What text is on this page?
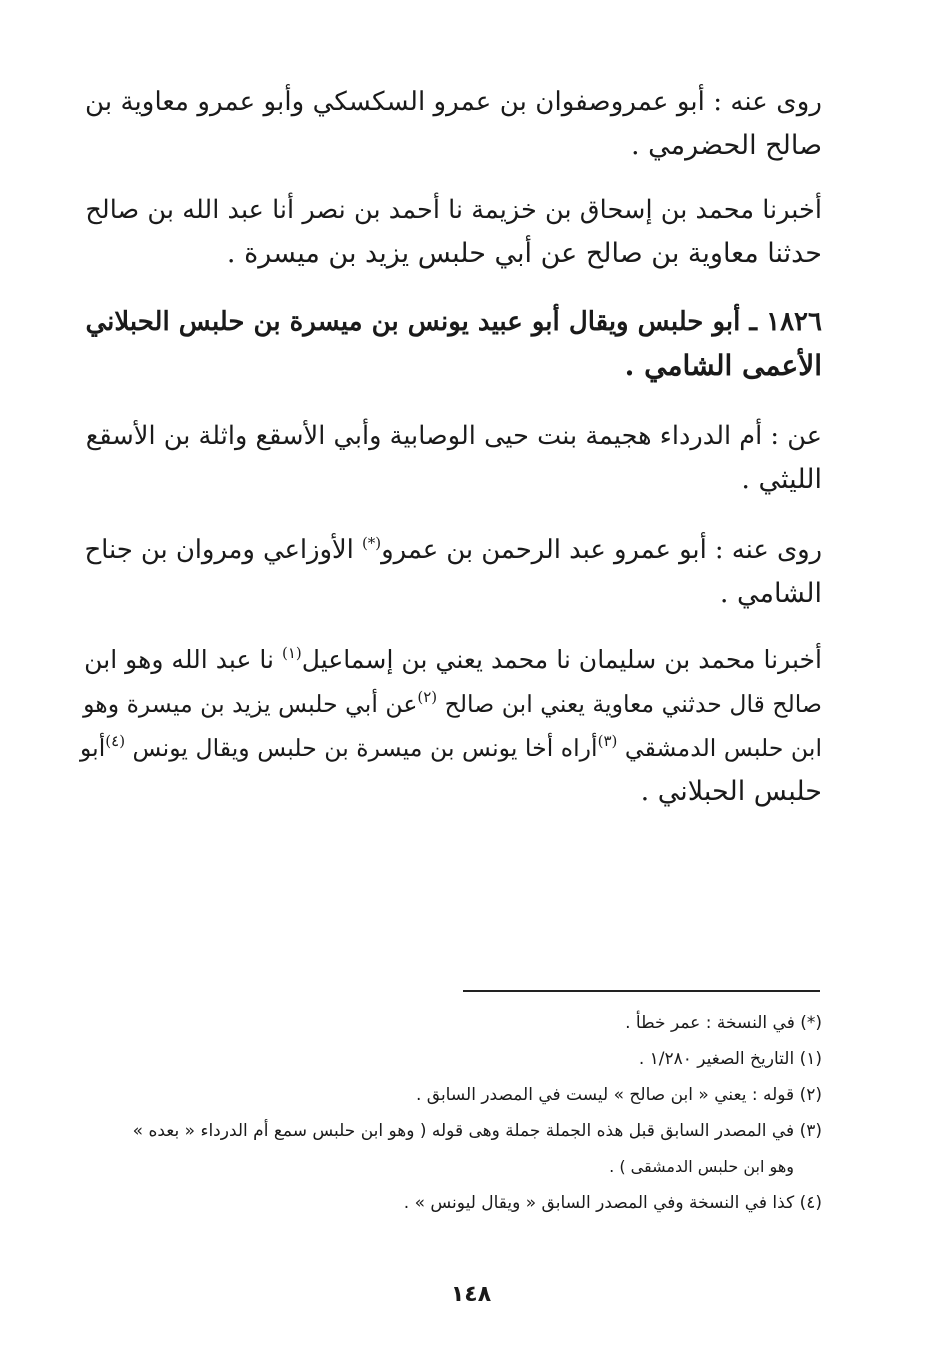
روى عنه : أبو عمروصفوان بن عمرو السكسكي وأبو عمرو معاوية بن
صالح الحضرمي .
أخبرنا محمد بن إسحاق بن خزيمة نا أحمد بن نصر أنا عبد الله بن صالح
حدثنا معاوية بن صالح عن أبي حلبس يزيد بن ميسرة .
١٨٢٦ ـ أبو حلبس ويقال أبو عبيد يونس بن ميسرة بن حلبس الحبلاني
الأعمى الشامي .
عن : أم الدرداء هجيمة بنت حيى الوصابية وأبي الأسقع واثلة بن الأسقع
الليثي .
روى عنه : أبو عمرو عبد الرحمن بن عمرو(*) الأوزاعي ومروان بن جناح
الشامي .
أخبرنا محمد بن سليمان نا محمد يعني بن إسماعيل$^{(١)}$ نا عبد الله وهو ابن
صالح قال حدثني معاوية يعني ابن صالح $^{(٢)}$عن أبي حلبس يزيد بن ميسرة وهو
ابن حلبس الدمشقي $^{(٣)}$أراه أخا يونس بن ميسرة بن حلبس ويقال يونس $^{(٤)}$أبو
حلبس الحبلاني .
(*) في النسخة : عمر خطأ .
(١) التاريخ الصغير ١/٢٨٠ .
(٢) قوله : يعني « ابن صالح » ليست في المصدر السابق .
(٣) في المصدر السابق قبل هذه الجملة جملة وهى قوله ( وهو ابن حلبس سمع أم الدرداء « بعده »
وهو ابن حلبس الدمشقى ) .
(٤) كذا في النسخة وفي المصدر السابق « ويقال ليونس » .
١٤٨
